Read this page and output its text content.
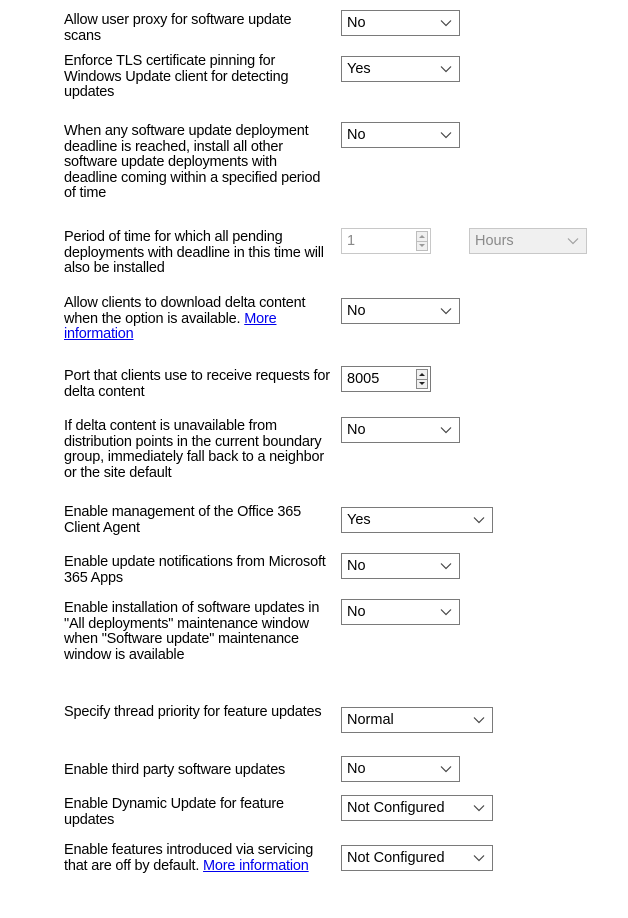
Allow user proxy for software update scans
No
Enforce TLS certificate pinning for Windows Update client for detecting updates
Yes
When any software update deployment deadline is reached, install all other software update deployments with deadline coming within a specified period of time
No
Period of time for which all pending deployments with deadline in this time will also be installed
1	Hours
Allow clients to download delta content when the option is available. More information
No
Port that clients use to receive requests for delta content
8005
If delta content is unavailable from distribution points in the current boundary group, immediately fall back to a neighbor or the site default
No
Enable management of the Office 365 Client Agent	Yes
Enable update notifications from Microsoft 365 Apps
No
Enable installation of software updates in "All deployments" maintenance window when "Software update" maintenance window is available
No
Specify thread priority for feature updates	Normal
Enable third party software updates	No
Enable Dynamic Update for feature updates
Not Configured
Enable features introduced via servicing that are off by default. More information	Not Configured
